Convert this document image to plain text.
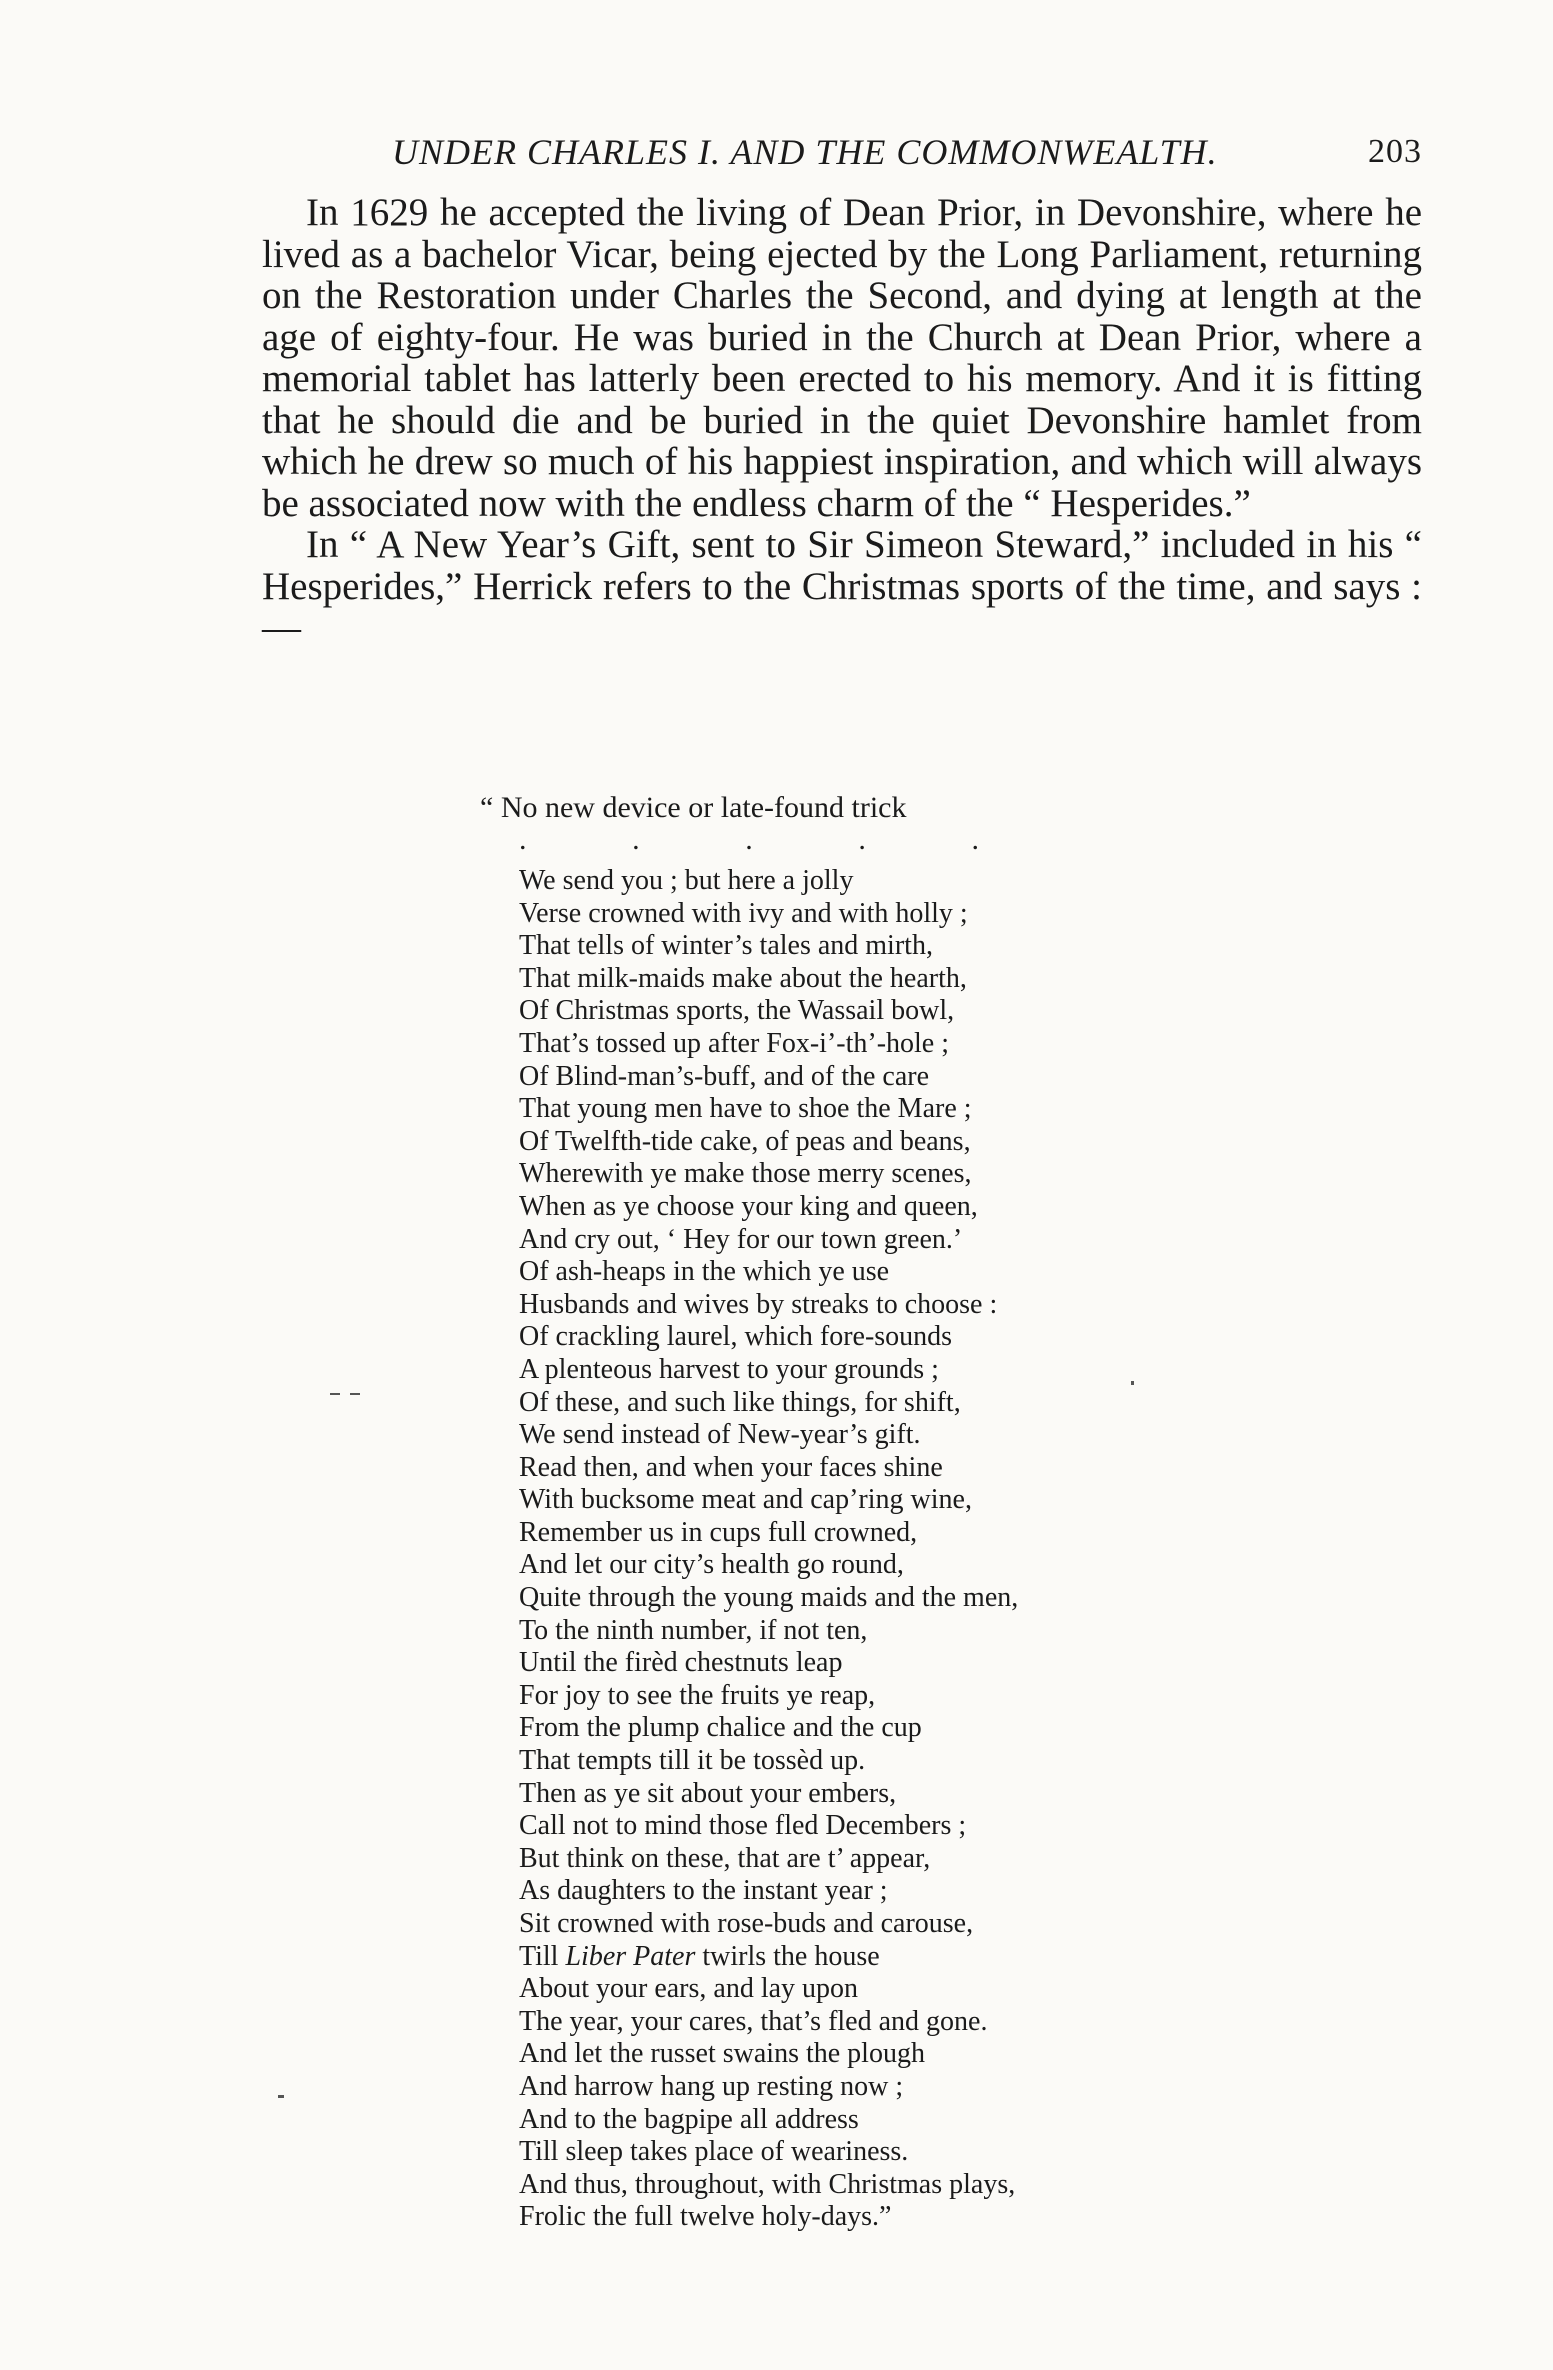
UNDER CHARLES I. AND THE COMMONWEALTH.	203

In 1629 he accepted the living of Dean Prior, in Devonshire, where he lived as a bachelor Vicar, being ejected by the Long Parliament, returning on the Restoration under Charles the Second, and dying at length at the age of eighty-four. He was buried in the Church at Dean Prior, where a memorial tablet has latterly been erected to his memory. And it is fitting that he should die and be buried in the quiet Devonshire hamlet from which he drew so much of his happiest inspiration, and which will always be associated now with the endless charm of the “ Hesperides.”

In “ A New Year’s Gift, sent to Sir Simeon Steward,” included in his “ Hesperides,” Herrick refers to the Christmas sports of the time, and says :—

“ No new device or late-found trick
.	.	.	.	.
We send you ; but here a jolly
Verse crowned with ivy and with holly ;
That tells of winter’s tales and mirth,
That milk-maids make about the hearth,
Of Christmas sports, the Wassail bowl,
That’s tossed up after Fox-i’-th’-hole ;
Of Blind-man’s-buff, and of the care
That young men have to shoe the Mare ;
Of Twelfth-tide cake, of peas and beans,
Wherewith ye make those merry scenes,
When as ye choose your king and queen,
And cry out, ‘ Hey for our town green.’
Of ash-heaps in the which ye use
Husbands and wives by streaks to choose :
Of crackling laurel, which fore-sounds
A plenteous harvest to your grounds ;
Of these, and such like things, for shift,
We send instead of New-year’s gift.
Read then, and when your faces shine
With bucksome meat and cap’ring wine,
Remember us in cups full crowned,
And let our city’s health go round,
Quite through the young maids and the men,
To the ninth number, if not ten,
Until the firèd chestnuts leap
For joy to see the fruits ye reap,
From the plump chalice and the cup
That tempts till it be tossèd up.
Then as ye sit about your embers,
Call not to mind those fled Decembers ;
But think on these, that are t’ appear,
As daughters to the instant year ;
Sit crowned with rose-buds and carouse,
Till Liber Pater twirls the house
About your ears, and lay upon
The year, your cares, that’s fled and gone.
And let the russet swains the plough
And harrow hang up resting now ;
And to the bagpipe all address
Till sleep takes place of weariness.
And thus, throughout, with Christmas plays,
Frolic the full twelve holy-days.”
